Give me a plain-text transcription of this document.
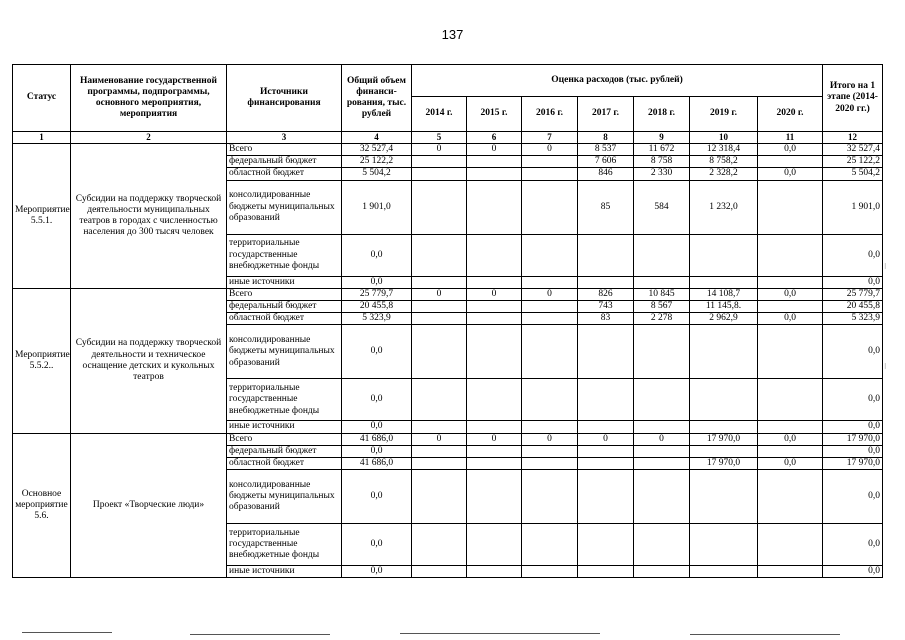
137
Статус	Наименование государственной программы, подпрограммы, основного мероприятия, мероприятия	Источники финансирования	Общий объем финанси-рования, тыс. рублей	Оценка расходов (тыс. рублей)							Итого на 1 этапе (2014-2020 гг.)
				2014 г.	2015 г.	2016 г.	2017 г.	2018 г.	2019 г.	2020 г.	
1	2	3	4	5	6	7	8	9	10	11	12
Мероприятие 5.5.1.	Субсидии на поддержку творческой деятельности муниципальных театров в городах с численностью населения до 300 тысяч человек	Всего	32 527,4	0	0	0	8 537	11 672	12 318,4	0,0	32 527,4
		федеральный бюджет	25 122,2				7 606	8 758	8 758,2		25 122,2
		областной бюджет	5 504,2				846	2 330	2 328,2	0,0	5 504,2
		консолидированные бюджеты муниципальных образований	1 901,0				85	584	1 232,0		1 901,0
		территориальные государственные внебюджетные фонды	0,0								0,0
		иные источники	0,0								0,0
Мероприятие 5.5.2..	Субсидии на поддержку творческой деятельности и техническое оснащение детских и кукольных театров	Всего	25 779,7	0	0	0	826	10 845	14 108,7	0,0	25 779,7
		федеральный бюджет	20 455,8				743	8 567	11 145,8.		20 455,8
		областной бюджет	5 323,9				83	2 278	2 962,9	0,0	5 323,9
		консолидированные бюджеты муниципальных образований	0,0								0,0
		территориальные государственные внебюджетные фонды	0,0								0,0
		иные источники	0,0								0,0
Основное мероприятие 5.6.	Проект «Творческие люди»	Всего	41 686,0	0	0	0	0	0	17 970,0	0,0	17 970,0
		федеральный бюджет	0,0								0,0
		областной бюджет	41 686,0						17 970,0	0,0	17 970,0
		консолидированные бюджеты муниципальных образований	0,0								0,0
		территориальные государственные внебюджетные фонды	0,0								0,0
		иные источники	0,0								0,0
⁝
⁝
